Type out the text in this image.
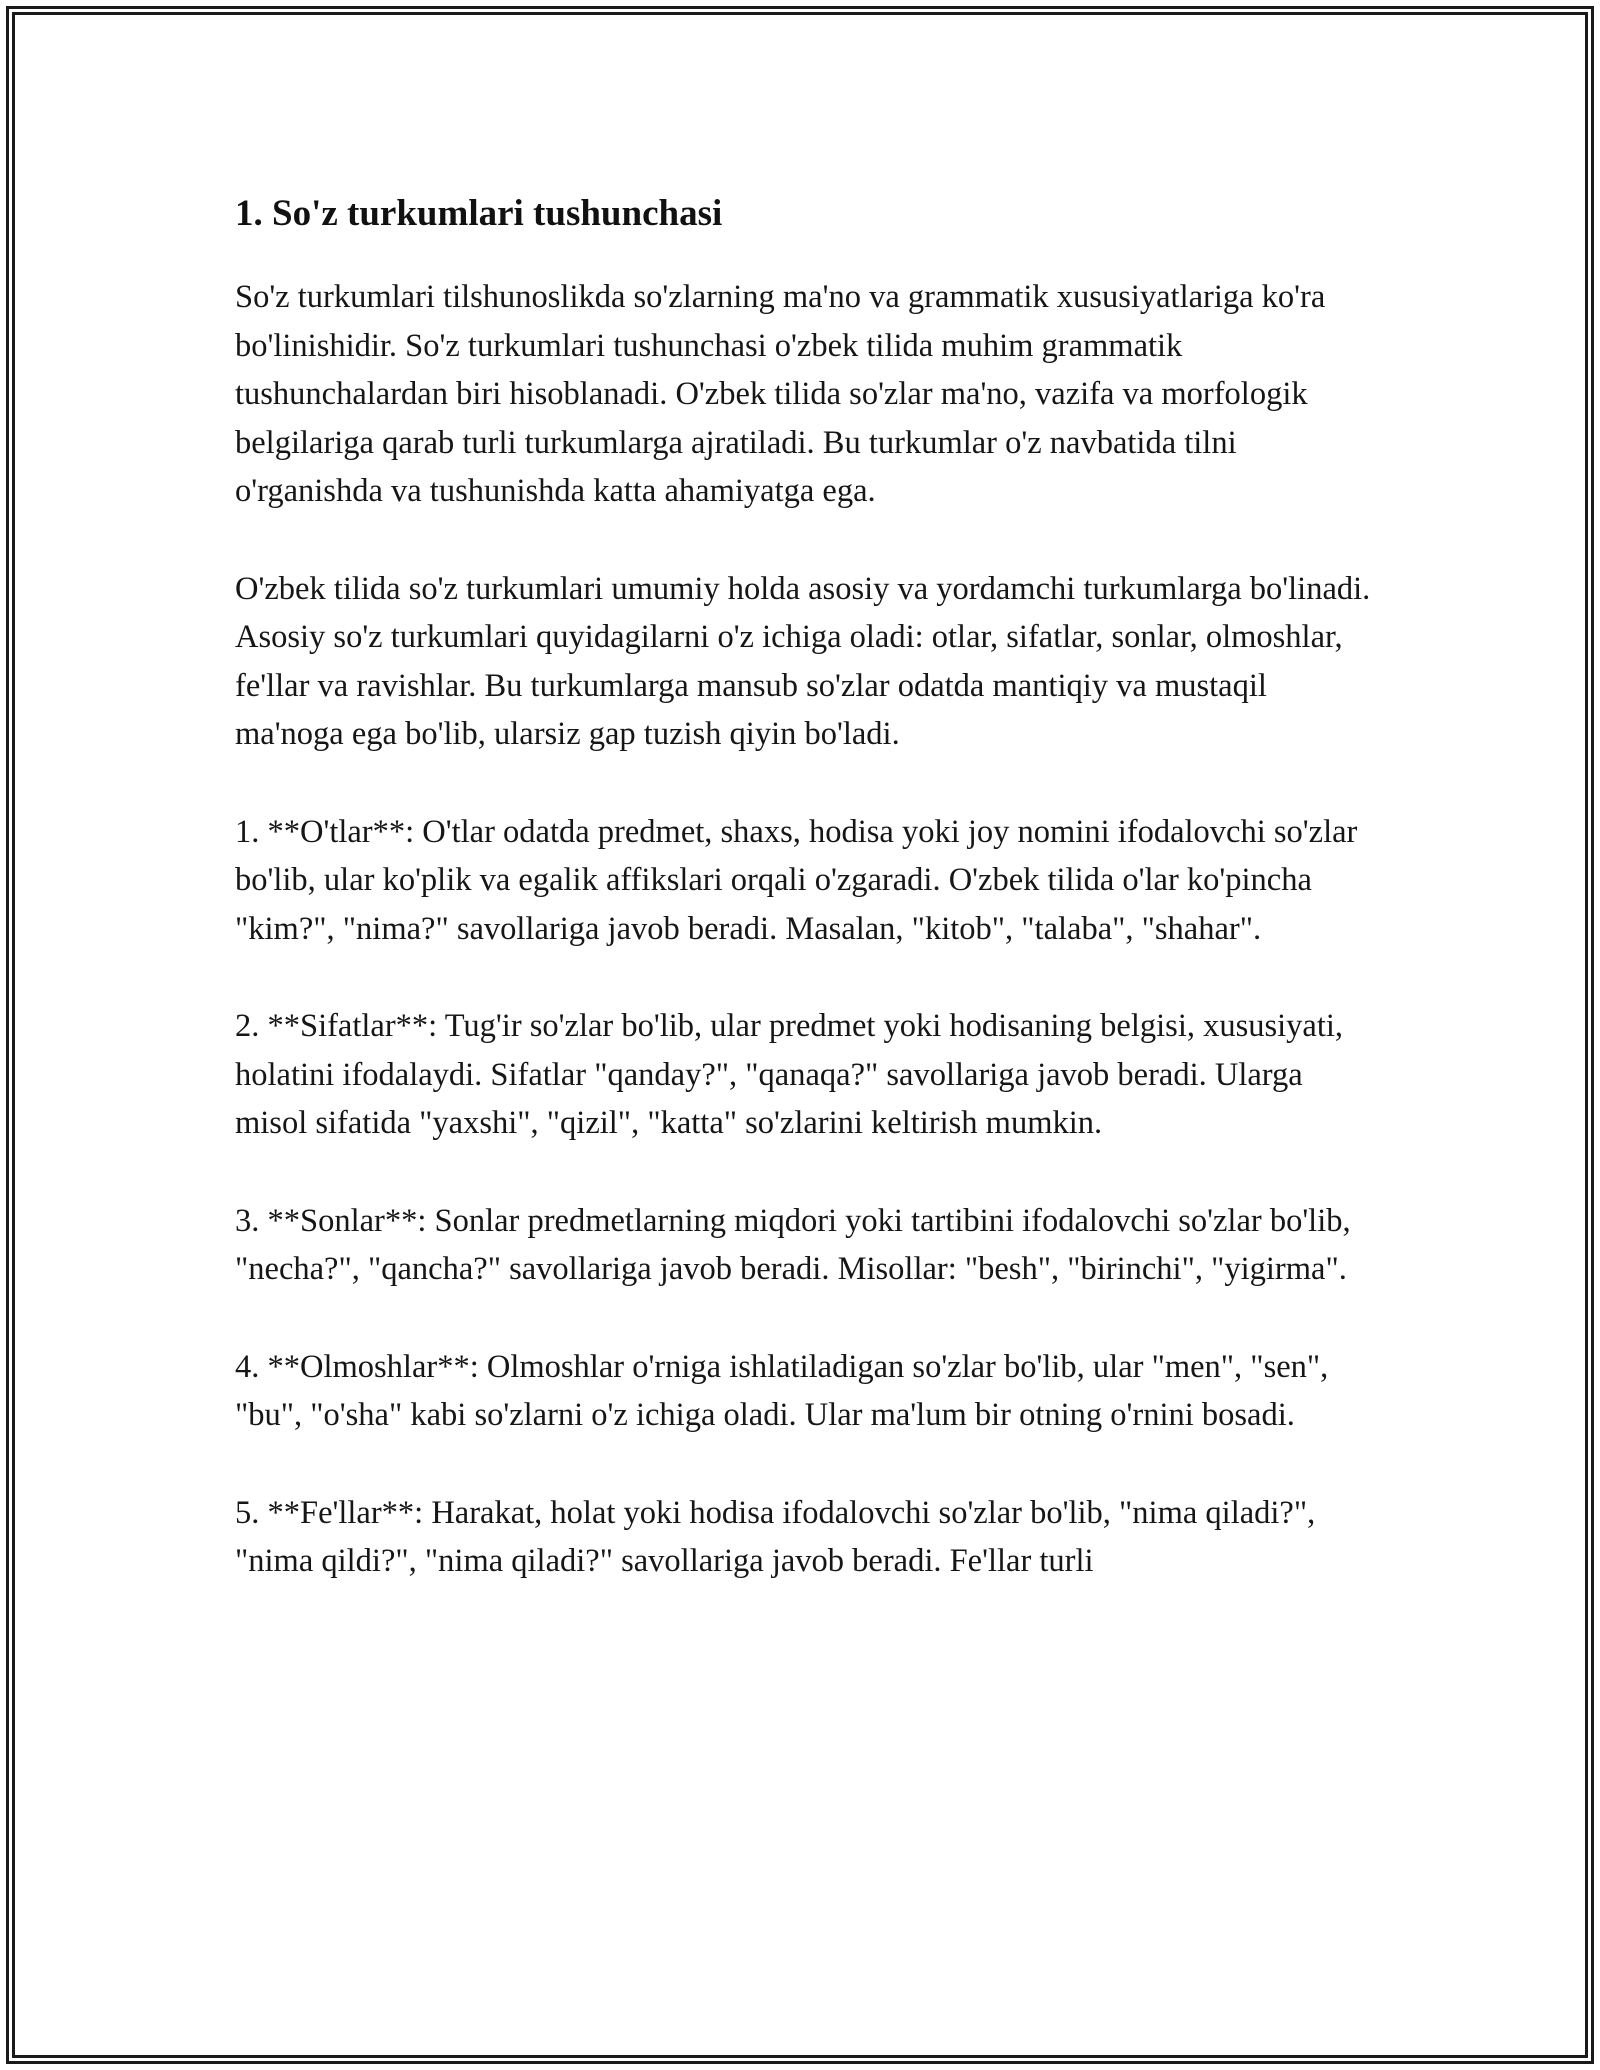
1. So'z turkumlari tushunchasi

So'z turkumlari tilshunoslikda so'zlarning ma'no va grammatik xususiyatlariga ko'ra bo'linishidir. So'z turkumlari tushunchasi o'zbek tilida muhim grammatik tushunchalardan biri hisoblanadi. O'zbek tilida so'zlar ma'no, vazifa va morfologik belgilariga qarab turli turkumlarga ajratiladi. Bu turkumlar o'z navbatida tilni o'rganishda va tushunishda katta ahamiyatga ega.

O'zbek tilida so'z turkumlari umumiy holda asosiy va yordamchi turkumlarga bo'linadi. Asosiy so'z turkumlari quyidagilarni o'z ichiga oladi: otlar, sifatlar, sonlar, olmoshlar, fe'llar va ravishlar. Bu turkumlarga mansub so'zlar odatda mantiqiy va mustaqil ma'noga ega bo'lib, ularsiz gap tuzish qiyin bo'ladi.

1. **O'tlar**: O'tlar odatda predmet, shaxs, hodisa yoki joy nomini ifodalovchi so'zlar bo'lib, ular ko'plik va egalik affikslari orqali o'zgaradi. O'zbek tilida o'lar ko'pincha "kim?", "nima?" savollariga javob beradi. Masalan, "kitob", "talaba", "shahar".

2. **Sifatlar**: Tug'ir so'zlar bo'lib, ular predmet yoki hodisaning belgisi, xususiyati, holatini ifodalaydi. Sifatlar "qanday?", "qanaqa?" savollariga javob beradi. Ularga misol sifatida "yaxshi", "qizil", "katta" so'zlarini keltirish mumkin.

3. **Sonlar**: Sonlar predmetlarning miqdori yoki tartibini ifodalovchi so'zlar bo'lib, "necha?", "qancha?" savollariga javob beradi. Misollar: "besh", "birinchi", "yigirma".

4. **Olmoshlar**: Olmoshlar o'rniga ishlatiladigan so'zlar bo'lib, ular "men", "sen", "bu", "o'sha" kabi so'zlarni o'z ichiga oladi. Ular ma'lum bir otning o'rnini bosadi.

5. **Fe'llar**: Harakat, holat yoki hodisa ifodalovchi so'zlar bo'lib, "nima qiladi?", "nima qildi?", "nima qiladi?" savollariga javob beradi. Fe'llar turli
